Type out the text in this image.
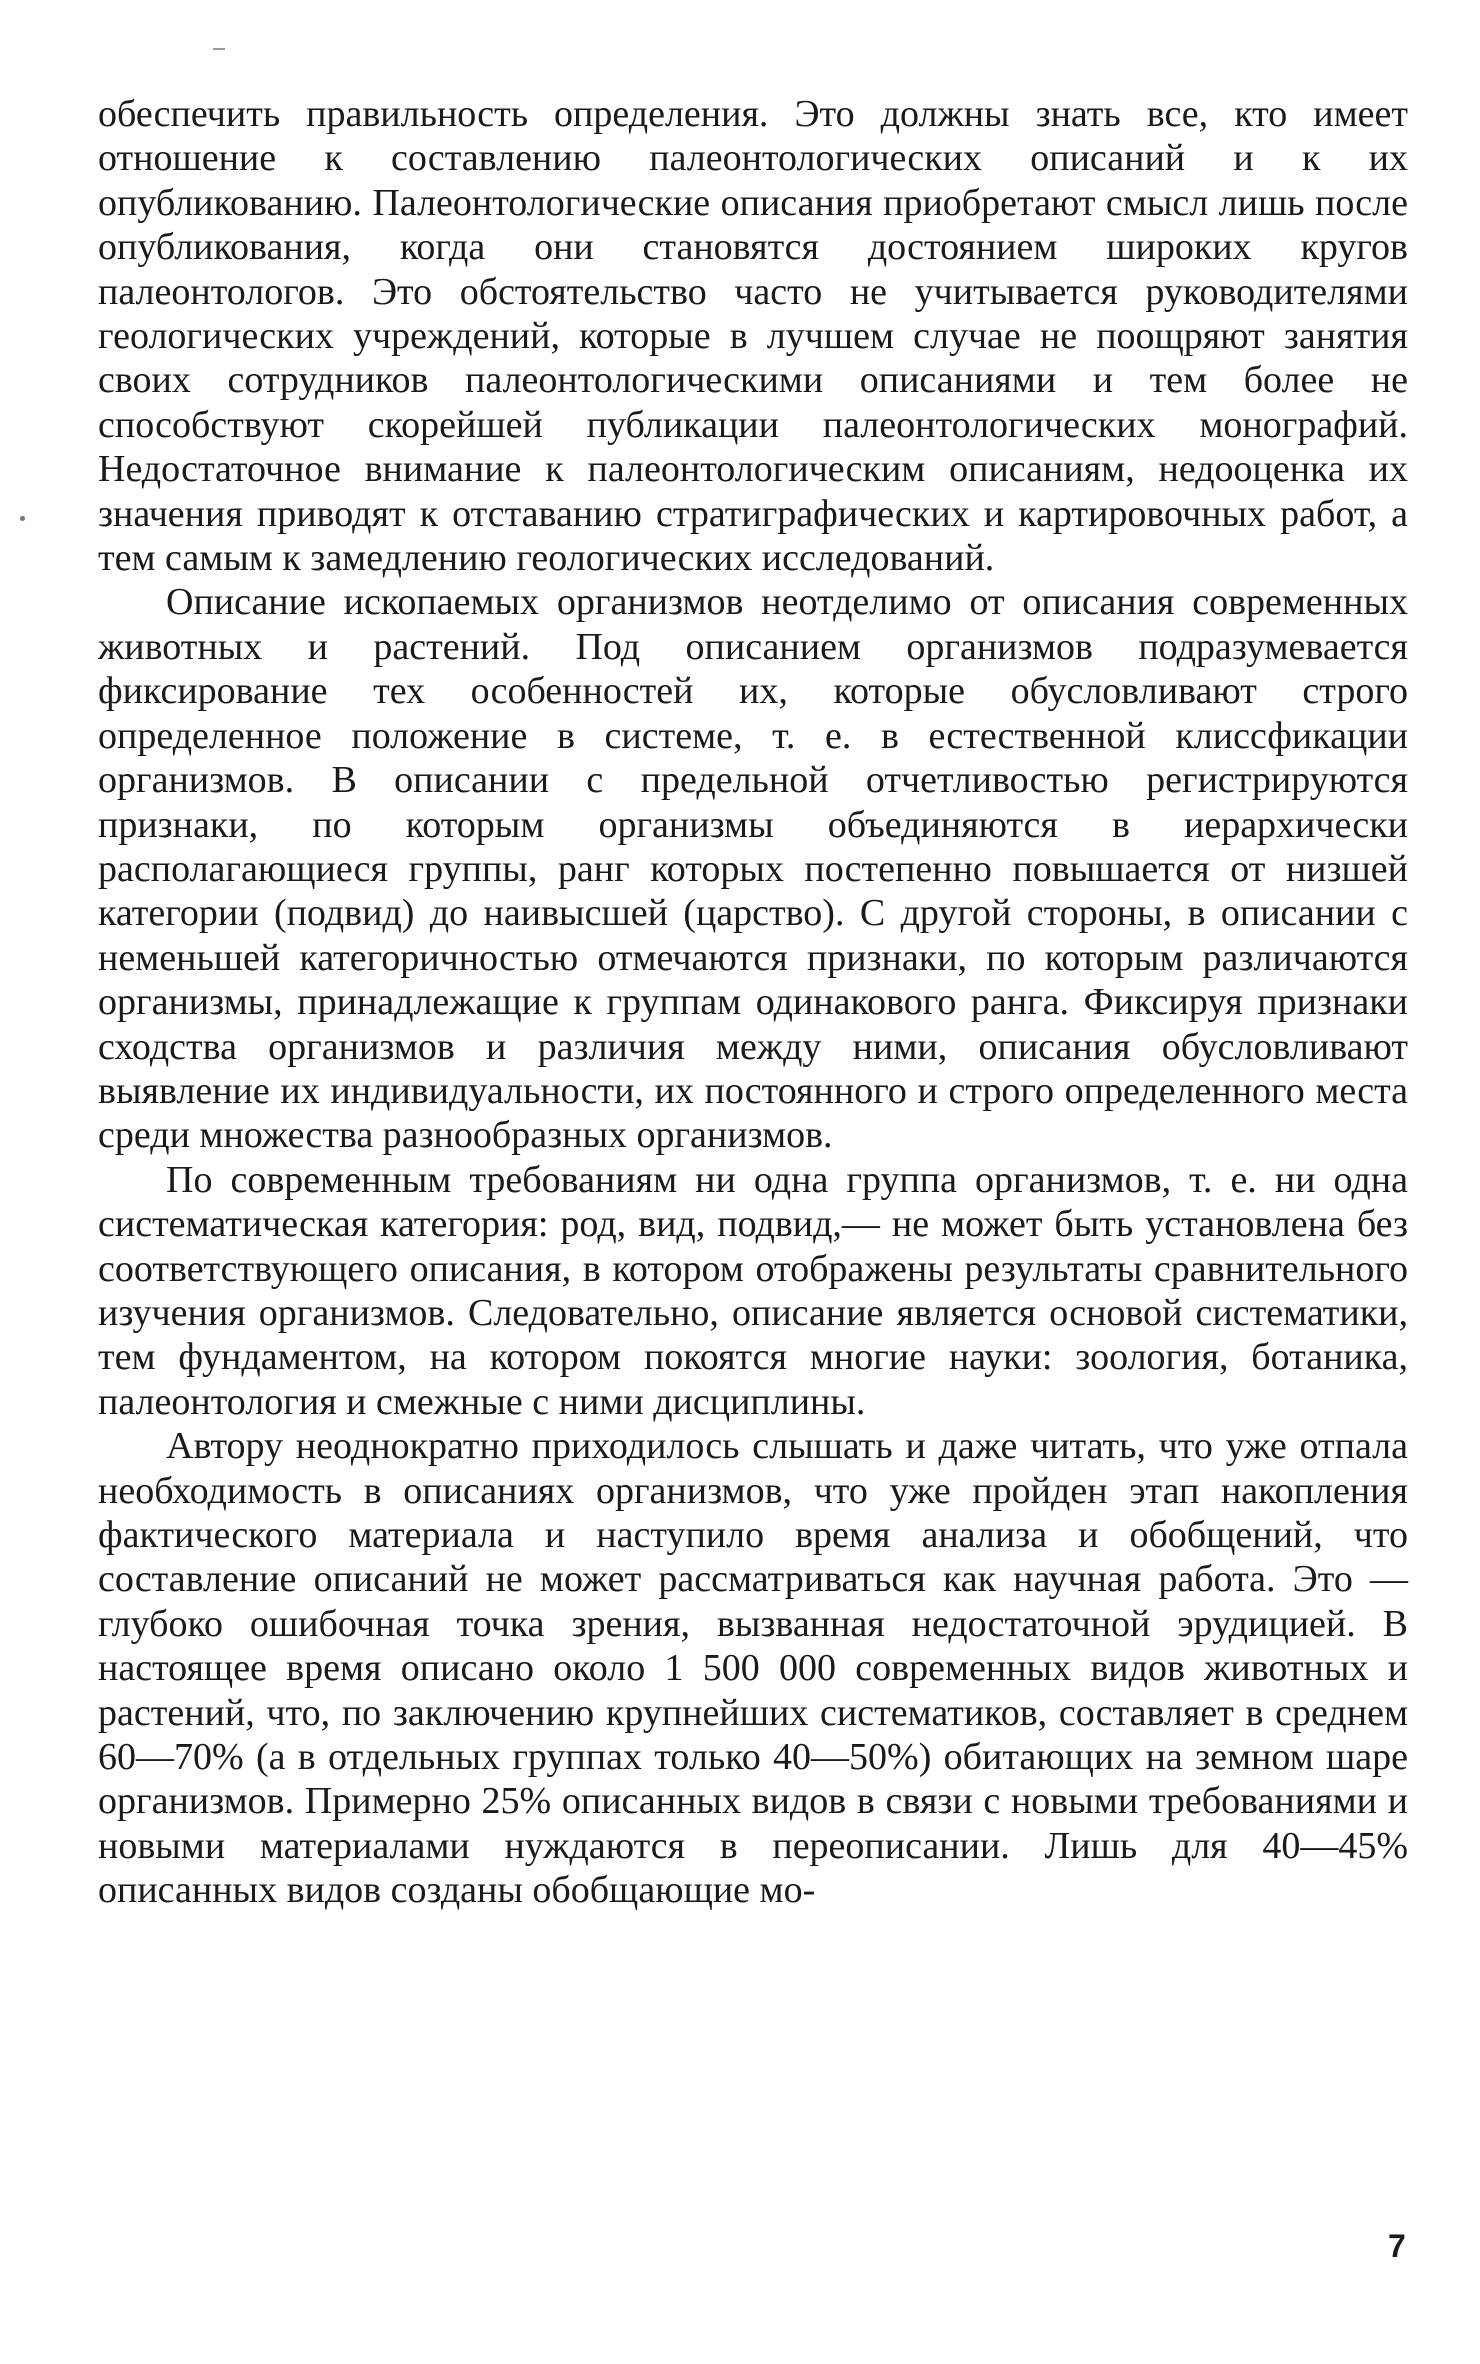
обеспечить правильность определения. Это должны знать все, кто имеет отношение к составлению палеонтологических описаний и к их опубликованию. Палеонтологические описания приобретают смысл лишь после опубликования, когда они становятся достоянием широких кругов палеонтологов. Это обстоятельство часто не учитывается руководителями геологических учреждений, которые в лучшем случае не поощряют занятия своих сотрудников палеонтологическими описаниями и тем более не способствуют скорейшей публикации палеонтологических монографий. Недостаточное внимание к палеонтологическим описаниям, недооценка их значения приводят к отставанию стратиграфических и картировочных работ, а тем самым к замедлению геологических исследований.

Описание ископаемых организмов неотделимо от описания современных животных и растений. Под описанием организмов подразумевается фиксирование тех особенностей их, которые обусловливают строго определенное положение в системе, т. е. в естественной клиссфикации организмов. В описании с предельной отчетливостью регистрируются признаки, по которым организмы объединяются в иерархически располагающиеся группы, ранг которых постепенно повышается от низшей категории (подвид) до наивысшей (царство). С другой стороны, в описании с неменьшей категоричностью отмечаются признаки, по которым различаются организмы, принадлежащие к группам одинакового ранга. Фиксируя признаки сходства организмов и различия между ними, описания обусловливают выявление их индивидуальности, их постоянного и строго определенного места среди множества разнообразных организмов.

По современным требованиям ни одна группа организмов, т. е. ни одна систематическая категория: род, вид, подвид,— не может быть установлена без соответствующего описания, в котором отображены результаты сравнительного изучения организмов. Следовательно, описание является основой систематики, тем фундаментом, на котором покоятся многие науки: зоология, ботаника, палеонтология и смежные с ними дисциплины.

Автору неоднократно приходилось слышать и даже читать, что уже отпала необходимость в описаниях организмов, что уже пройден этап накопления фактического материала и наступило время анализа и обобщений, что составление описаний не может рассматриваться как научная работа. Это — глубоко ошибочная точка зрения, вызванная недостаточной эрудицией. В настоящее время описано около 1 500 000 современных видов животных и растений, что, по заключению крупнейших систематиков, составляет в среднем 60—70% (а в отдельных группах только 40—50%) обитающих на земном шаре организмов. Примерно 25% описанных видов в связи с новыми требованиями и новыми материалами нуждаются в переописании. Лишь для 40—45% описанных видов созданы обобщающие мо-

7
